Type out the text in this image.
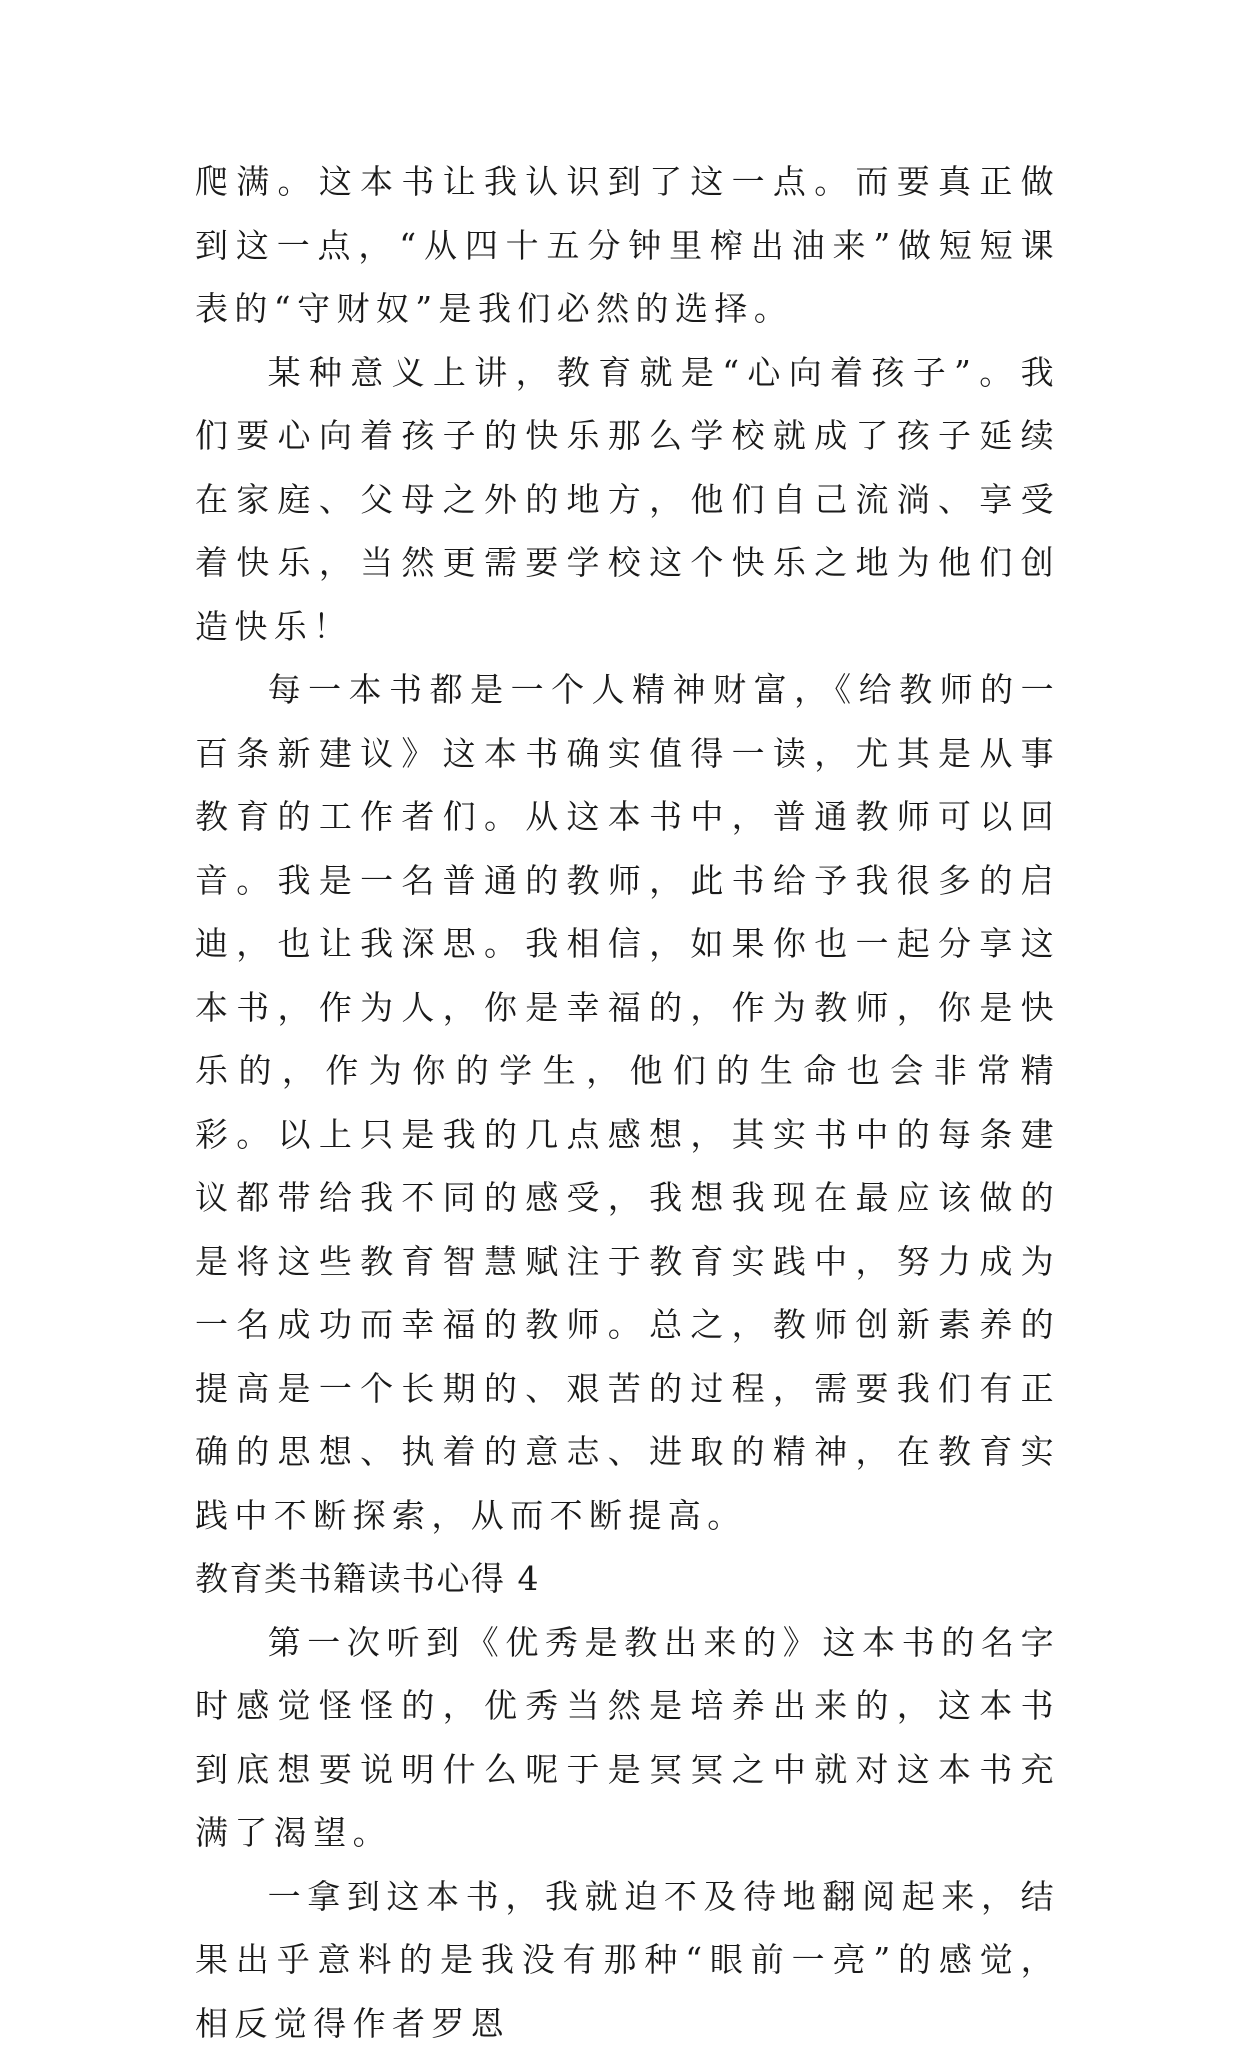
爬满。这本书让我认识到了这一点。而要真正做到这一点，“从四十五分钟里榨出油来”做短短课表的“守财奴”是我们必然的选择。

某种意义上讲，教育就是“心向着孩子”。我们要心向着孩子的快乐那么学校就成了孩子延续在家庭、父母之外的地方，他们自己流淌、享受着快乐，当然更需要学校这个快乐之地为他们创造快乐！

每一本书都是一个人精神财富，《给教师的一百条新建议》这本书确实值得一读，尤其是从事教育的工作者们。从这本书中，普通教师可以回音。我是一名普通的教师，此书给予我很多的启迪，也让我深思。我相信，如果你也一起分享这本书，作为人，你是幸福的，作为教师，你是快乐的，作为你的学生，他们的生命也会非常精彩。以上只是我的几点感想，其实书中的每条建议都带给我不同的感受，我想我现在最应该做的是将这些教育智慧赋注于教育实践中，努力成为一名成功而幸福的教师。总之，教师创新素养的提高是一个长期的、艰苦的过程，需要我们有正确的思想、执着的意志、进取的精神，在教育实践中不断探索，从而不断提高。

教育类书籍读书心得 4

第一次听到《优秀是教出来的》这本书的名字时感觉怪怪的，优秀当然是培养出来的，这本书到底想要说明什么呢于是冥冥之中就对这本书充满了渴望。

一拿到这本书，我就迫不及待地翻阅起来，结果出乎意料的是我没有那种“眼前一亮”的感觉，相反觉得作者罗恩
